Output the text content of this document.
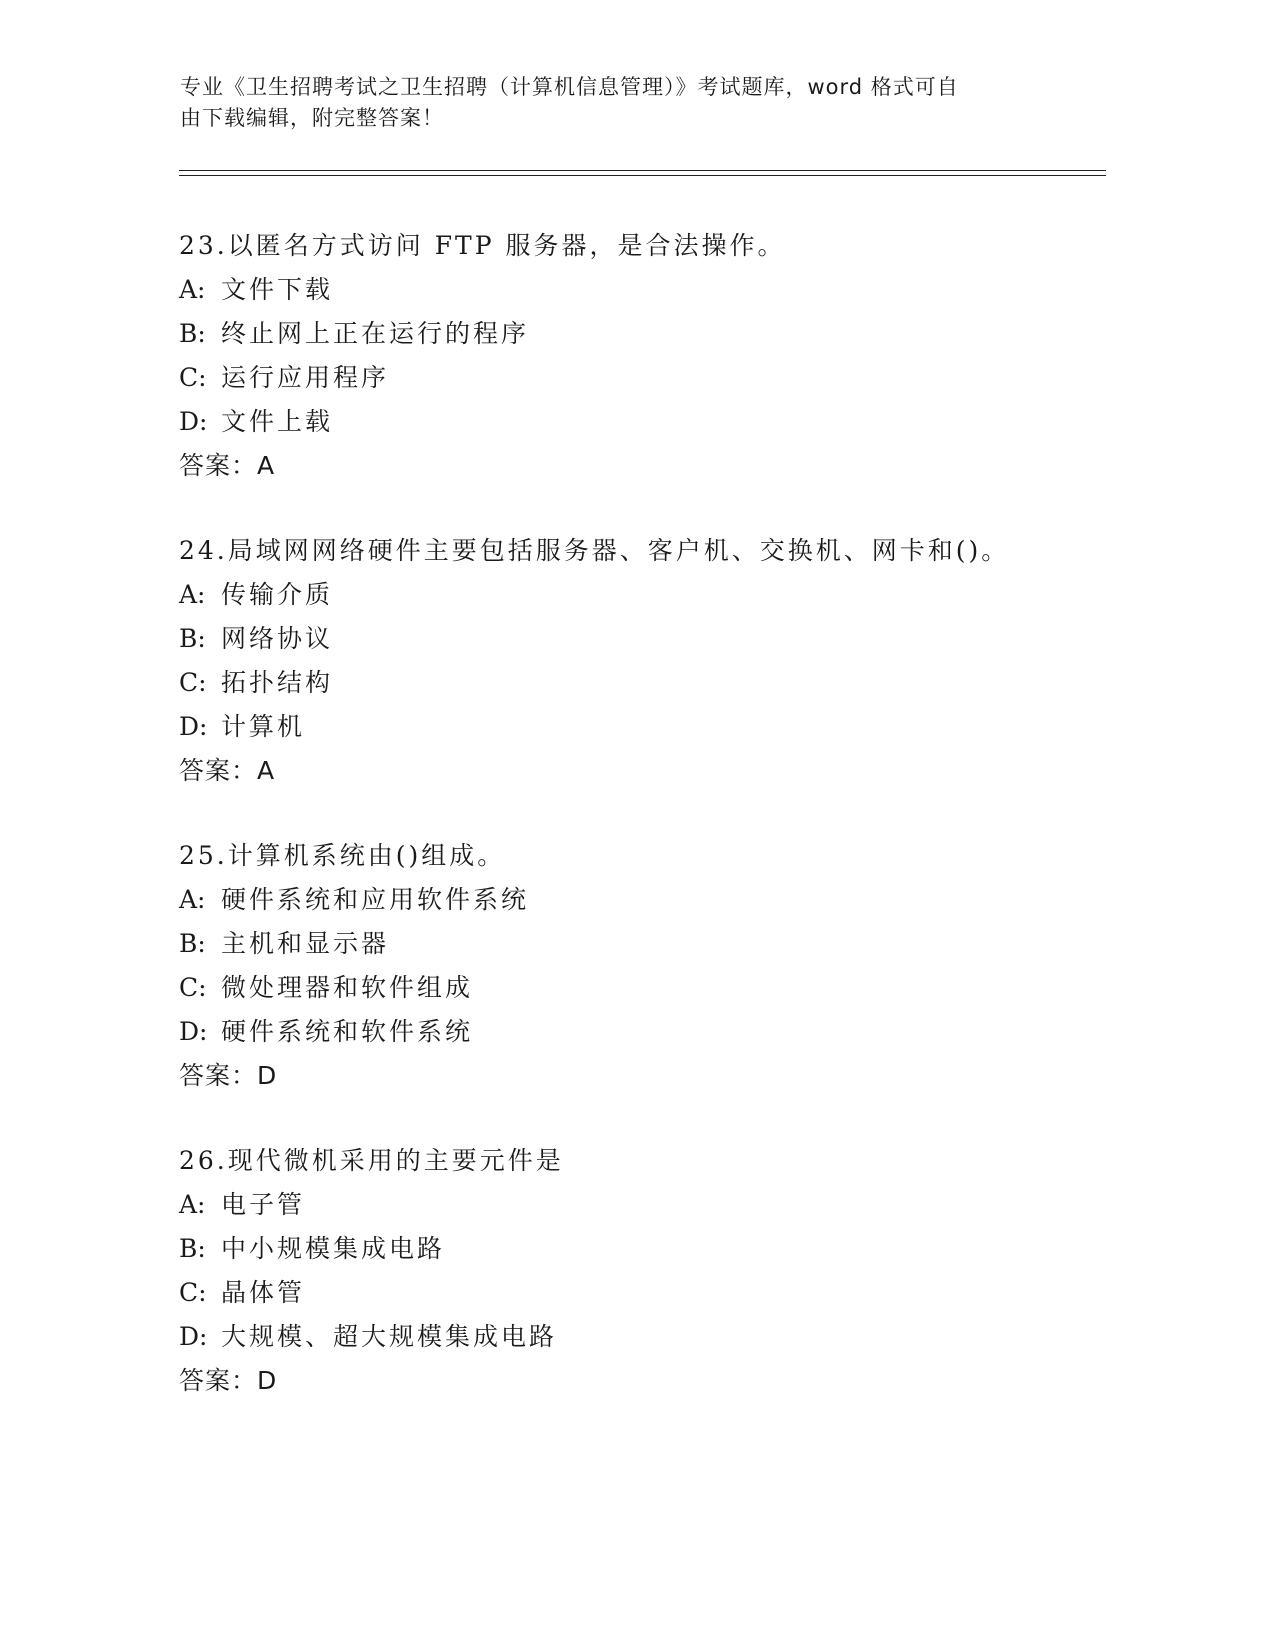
专业《卫生招聘考试之卫生招聘（计算机信息管理）》考试题库，word 格式可自
由下载编辑，附完整答案！
23.以匿名方式访问 FTP 服务器，是合法操作。
A: 文件下载
B: 终止网上正在运行的程序
C: 运行应用程序
D: 文件上载
答案：A
24.局域网网络硬件主要包括服务器、客户机、交换机、网卡和()。
A: 传输介质
B: 网络协议
C: 拓扑结构
D: 计算机
答案：A
25.计算机系统由()组成。
A: 硬件系统和应用软件系统
B: 主机和显示器
C: 微处理器和软件组成
D: 硬件系统和软件系统
答案：D
26.现代微机采用的主要元件是
A: 电子管
B: 中小规模集成电路
C: 晶体管
D: 大规模、超大规模集成电路
答案：D
